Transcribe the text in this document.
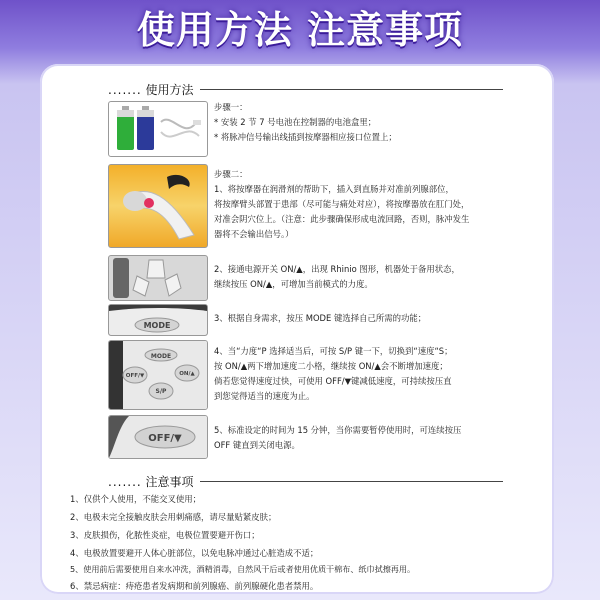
使用方法 注意事项
....... 使用方法
步骤一：
* 安装 2 节 7 号电池在控制器的电池盒里；
* 将脉冲信号输出线插到按摩器相应接口位置上；
步骤二：
1、将按摩器在润滑剂的帮助下，插入到直肠并对准前列腺部位，
将按摩臂头部置于患部（尽可能与痛处对应），将按摩器放在肛门处，
对准会阴穴位上。（注意：此步骤确保形成电流回路，否则，脉冲发生
器将不会输出信号。）
2、接通电源开关 ON/▲，出现 Rhinio 图形，机器处于备用状态，
继续按压 ON/▲，可增加当前模式的力度。
MODE
3、根据自身需求，按压 MODE 键选择自己所需的功能；
MODE
OFF/▼	ON/▲
S/P
4、当“力度“P 选择适当后，可按 S/P 键一下，切换到“速度“S；
按 ON/▲两下增加速度二小格，继续按 ON/▲会不断增加速度；
倘若您觉得速度过快，可使用 OFF/▼键减低速度，可持续按压直
到您觉得适当的速度为止。
OFF/▼
5、标准设定的时间为 15 分钟，当你需要暂停使用时，可连续按压
OFF 键直到关闭电源。
....... 注意事项
1、仅供个人使用，不能交叉使用；
2、电极未完全接触皮肤会用刺痛感，请尽量贴紧皮肤；
3、皮肤损伤，化脓性炎症，电极位置要避开伤口；
4、电极放置要避开人体心脏部位，以免电脉冲通过心脏造成不适；
5、使用前后需要使用自来水冲洗，酒精消毒，自然风干后或者使用优质干棉布、纸巾拭擦再用。
6、禁忌病症：痔疮患者发病期和前列腺癌、前列腺硬化患者禁用。
